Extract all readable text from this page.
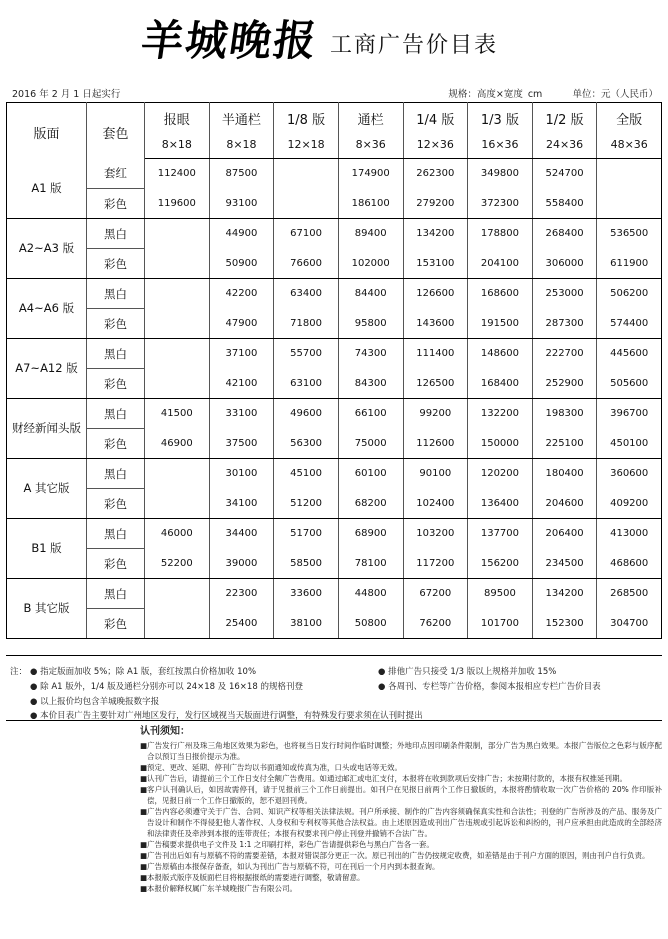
羊城晚报 工商广告价目表
2016 年 2 月 1 日起实行	规格：高度×宽度 cm	单位：元（人民币）
版面	套色	报眼	半通栏	1/8 版	通栏	1/4 版	1/3 版	1/2 版	全版
		8×18	8×18	12×18	8×36	12×36	16×36	24×36	48×36
A1 版	套红	112400	87500		174900	262300	349800	524700	
	彩色	119600	93100		186100	279200	372300	558400	
A2~A3 版	黑白		44900	67100	89400	134200	178800	268400	536500
	彩色		50900	76600	102000	153100	204100	306000	611900
A4~A6 版	黑白		42200	63400	84400	126600	168600	253000	506200
	彩色		47900	71800	95800	143600	191500	287300	574400
A7~A12 版	黑白		37100	55700	74300	111400	148600	222700	445600
	彩色		42100	63100	84300	126500	168400	252900	505600
财经新闻头版	黑白	41500	33100	49600	66100	99200	132200	198300	396700
	彩色	46900	37500	56300	75000	112600	150000	225100	450100
A 其它版	黑白		30100	45100	60100	90100	120200	180400	360600
	彩色		34100	51200	68200	102400	136400	204600	409200
B1 版	黑白	46000	34400	51700	68900	103200	137700	206400	413000
	彩色	52200	39000	58500	78100	117200	156200	234500	468600
B 其它版	黑白		22300	33600	44800	67200	89500	134200	268500
	彩色		25400	38100	50800	76200	101700	152300	304700
注： ● 指定版面加收 5%；除 A1 版，套红按黑白价格加收 10%	● 排他广告只接受 1/3 版以上规格并加收 15%
● 除 A1 版外，1/4 版及通栏分别亦可以 24×18 及 16×18 的规格刊登	● 各周刊、专栏等广告价格，参阅本报相应专栏广告价目表
● 以上报价均包含羊城晚报数字报
● 本价目表广告主要针对广州地区发行，发行区域视当天版面进行调整，有特殊发行要求须在认刊时提出
认刊须知：
■ 广告发行广州及珠三角地区效果为彩色，也将视当日发行时间作临时调整；外地印点因印刷条件限制，部分广告为黑白效果。本报广告版位之色彩与版序配合以预订当日报价提示为准。
■ 预定、更改、延期、停刊广告均以书面通知或传真为准，口头或电话等无效。
■ 认刊广告后，请提前三个工作日支付全额广告费用。如通过邮汇或电汇支付，本报将在收到款项后安排广告；未按期付款的，本报有权推延刊期。
■ 客户认刊确认后，如因故需停刊，请于见报前三个工作日前提出。如刊户在见报日前两个工作日撤版的，本报将酌情收取一次广告价格的 20% 作印版补偿，见报日前一个工作日撤版的，恕不退回刊费。
■ 广告内容必须遵守关于广告、合同、知识产权等相关法律法规。刊户所承接、制作的广告内容须确保真实性和合法性；刊登的广告所涉及的产品、服务及广告设计和制作不得侵犯他人著作权、人身权和专利权等其他合法权益。由上述原因造成刊出广告违规或引起诉讼和纠纷的，刊户应承担由此造成的全部经济和法律责任及牵涉到本报的连带责任；本报有权要求刊户停止刊登并撤销不合法广告。
■ 广告稿要求提供电子文件及 1:1 之印刷打样，彩色广告请提供彩色与黑白广告各一套。
■ 广告刊出后如有与原稿不符的需要差错，本报对错误部分更正一次。原已刊出的广告仍按规定收费，如差错是由于刊户方面的原因，则由刊户自行负责。
■ 广告原稿由本报保存备查，如认为刊出广告与原稿不符，可在刊后一个月内到本报查询。
■ 本报版式版序及版面栏目将根据报纸的需要进行调整，敬请留意。
■ 本报价解释权属广东羊城晚报广告有限公司。
